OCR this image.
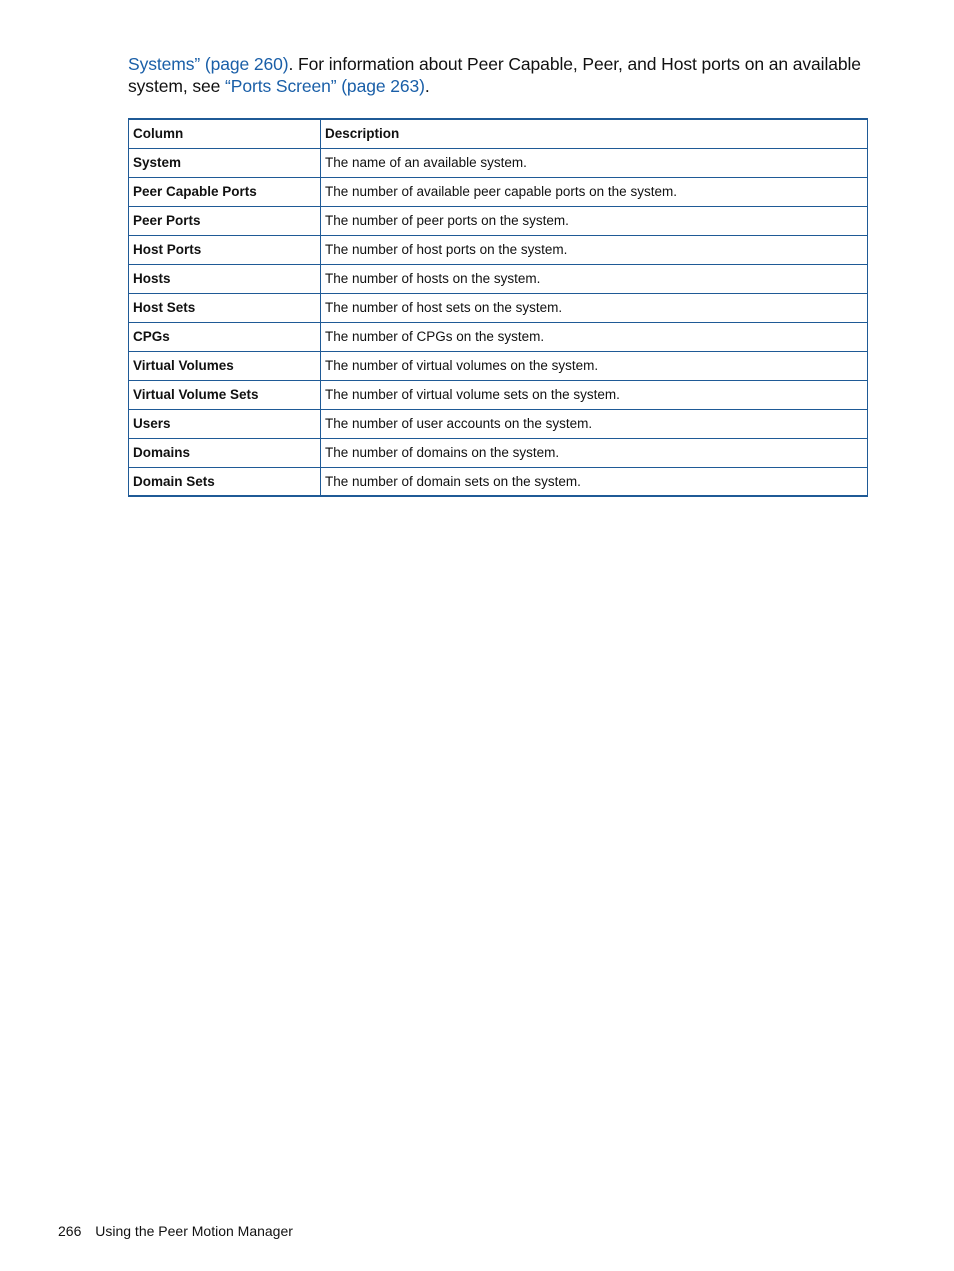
Systems” (page 260). For information about Peer Capable, Peer, and Host ports on an available system, see “Ports Screen” (page 263).

Column	Description
System	The name of an available system.
Peer Capable Ports	The number of available peer capable ports on the system.
Peer Ports	The number of peer ports on the system.
Host Ports	The number of host ports on the system.
Hosts	The number of hosts on the system.
Host Sets	The number of host sets on the system.
CPGs	The number of CPGs on the system.
Virtual Volumes	The number of virtual volumes on the system.
Virtual Volume Sets	The number of virtual volume sets on the system.
Users	The number of user accounts on the system.
Domains	The number of domains on the system.
Domain Sets	The number of domain sets on the system.
266 Using the Peer Motion Manager
